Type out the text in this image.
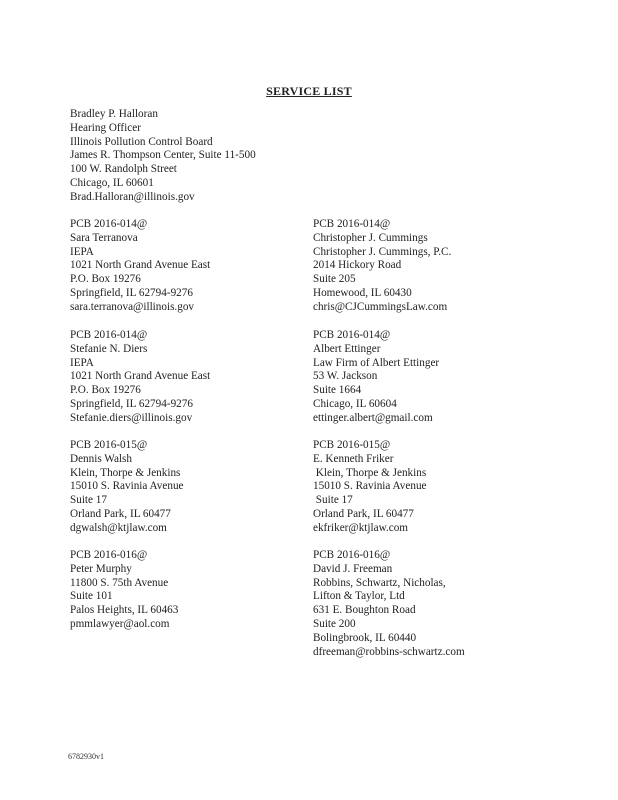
SERVICE LIST
Bradley P. Halloran
Hearing Officer
Illinois Pollution Control Board
James R. Thompson Center, Suite 11-500
100 W. Randolph Street
Chicago, IL 60601
Brad.Halloran@illinois.gov
PCB 2016-014@
Sara Terranova
IEPA
1021 North Grand Avenue East
P.O. Box 19276
Springfield, IL 62794-9276
sara.terranova@illinois.gov
PCB 2016-014@
Christopher J. Cummings
Christopher J. Cummings, P.C.
2014 Hickory Road
Suite 205
Homewood, IL 60430
chris@CJCummingsLaw.com
PCB 2016-014@
Stefanie N. Diers
IEPA
1021 North Grand Avenue East
P.O. Box 19276
Springfield, IL 62794-9276
Stefanie.diers@illinois.gov
PCB 2016-014@
Albert Ettinger
Law Firm of Albert Ettinger
53 W. Jackson
Suite 1664
Chicago, IL 60604
ettinger.albert@gmail.com
PCB 2016-015@
Dennis Walsh
Klein, Thorpe & Jenkins
15010 S. Ravinia Avenue
Suite 17
Orland Park, IL 60477
dgwalsh@ktjlaw.com
PCB 2016-015@
E. Kenneth Friker
Klein, Thorpe & Jenkins
15010 S. Ravinia Avenue
Suite 17
Orland Park, IL 60477
ekfriker@ktjlaw.com
PCB 2016-016@
Peter Murphy
11800 S. 75th Avenue
Suite 101
Palos Heights, IL 60463
pmmlawyer@aol.com
PCB 2016-016@
David J. Freeman
Robbins, Schwartz, Nicholas,
Lifton & Taylor, Ltd
631 E. Boughton Road
Suite 200
Bolingbrook, IL 60440
dfreeman@robbins-schwartz.com
6782930v1
